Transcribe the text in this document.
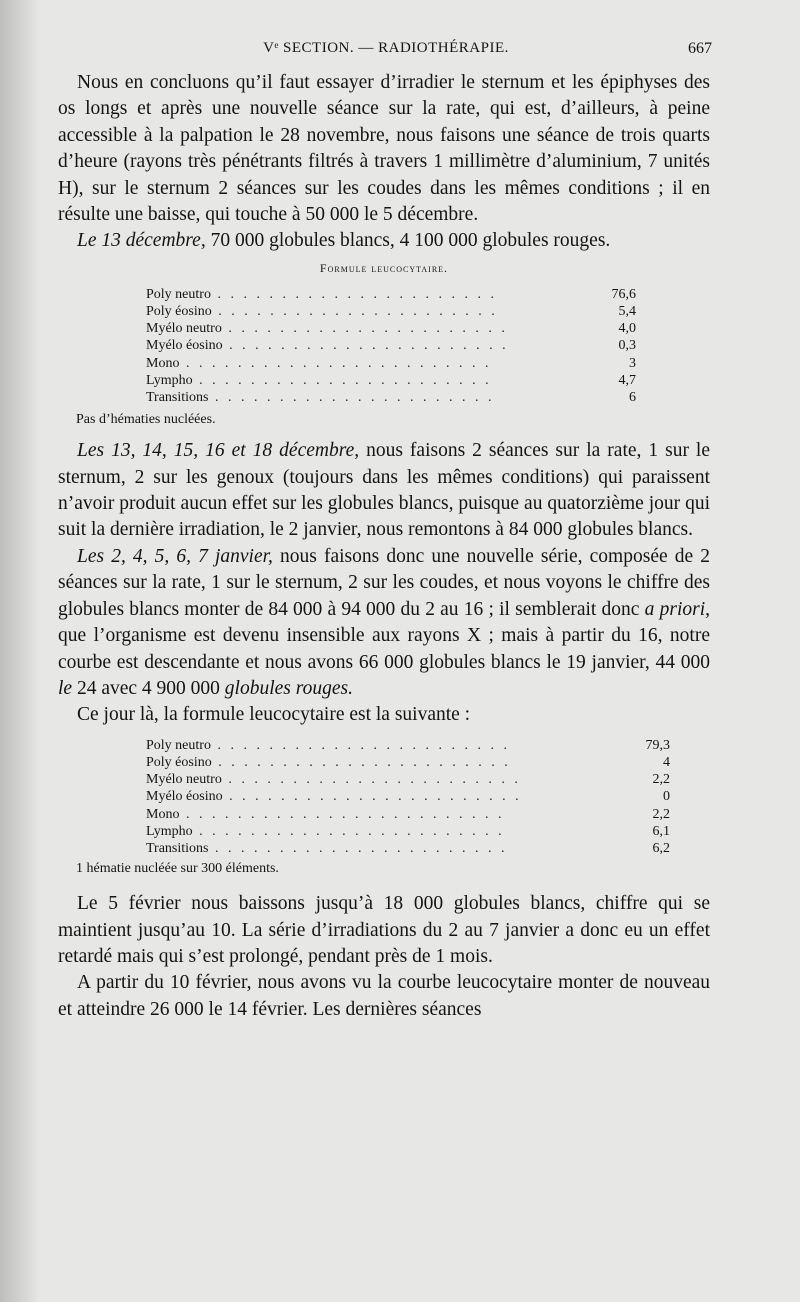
Vᵉ SECTION. — RADIOTHÉRAPIE.	667

Nous en concluons qu’il faut essayer d’irradier le sternum et les épiphyses des os longs et après une nouvelle séance sur la rate, qui est, d’ailleurs, à peine accessible à la palpation le 28 novembre, nous faisons une séance de trois quarts d’heure (rayons très pénétrants filtrés à travers 1 millimètre d’aluminium, 7 unités H), sur le sternum 2 séances sur les coudes dans les mêmes conditions ; il en résulte une baisse, qui touche à 50 000 le 5 décembre.

Le 13 décembre, 70 000 globules blancs, 4 100 000 globules rouges.

Formule leucocytaire.
Poly neutro . . . . . . . . . . . . . . . . . . . . . .	76,6
Poly éosino . . . . . . . . . . . . . . . . . . . . . .	5,4
Myélo neutro . . . . . . . . . . . . . . . . . . . . . .	4,0
Myélo éosino . . . . . . . . . . . . . . . . . . . . . .	0,3
Mono . . . . . . . . . . . . . . . . . . . . . . . .	3
Lympho . . . . . . . . . . . . . . . . . . . . . . .	4,7
Transitions . . . . . . . . . . . . . . . . . . . . . .	6
Pas d’hématies nucléées.

Les 13, 14, 15, 16 et 18 décembre, nous faisons 2 séances sur la rate, 1 sur le sternum, 2 sur les genoux (toujours dans les mêmes conditions) qui paraissent n’avoir produit aucun effet sur les globules blancs, puisque au quatorzième jour qui suit la dernière irradiation, le 2 janvier, nous remontons à 84 000 globules blancs.

Les 2, 4, 5, 6, 7 janvier, nous faisons donc une nouvelle série, composée de 2 séances sur la rate, 1 sur le sternum, 2 sur les coudes, et nous voyons le chiffre des globules blancs monter de 84 000 à 94 000 du 2 au 16 ; il semblerait donc a priori, que l’organisme est devenu insensible aux rayons X ; mais à partir du 16, notre courbe est descendante et nous avons 66 000 globules blancs le 19 janvier, 44 000 le 24 avec 4 900 000 globules rouges.

Ce jour là, la formule leucocytaire est la suivante :

Poly neutro . . . . . . . . . . . . . . . . . . . . . . .	79,3
Poly éosino . . . . . . . . . . . . . . . . . . . . . . .	4
Myélo neutro . . . . . . . . . . . . . . . . . . . . . . .	2,2
Myélo éosino . . . . . . . . . . . . . . . . . . . . . . .	0
Mono . . . . . . . . . . . . . . . . . . . . . . . . .	2,2
Lympho . . . . . . . . . . . . . . . . . . . . . . . .	6,1
Transitions . . . . . . . . . . . . . . . . . . . . . . .	6,2
1 hématie nucléée sur 300 éléments.

Le 5 février nous baissons jusqu’à 18 000 globules blancs, chiffre qui se maintient jusqu’au 10. La série d’irradiations du 2 au 7 janvier a donc eu un effet retardé mais qui s’est prolongé, pendant près de 1 mois.

A partir du 10 février, nous avons vu la courbe leucocytaire monter de nouveau et atteindre 26 000 le 14 février. Les dernières séances
